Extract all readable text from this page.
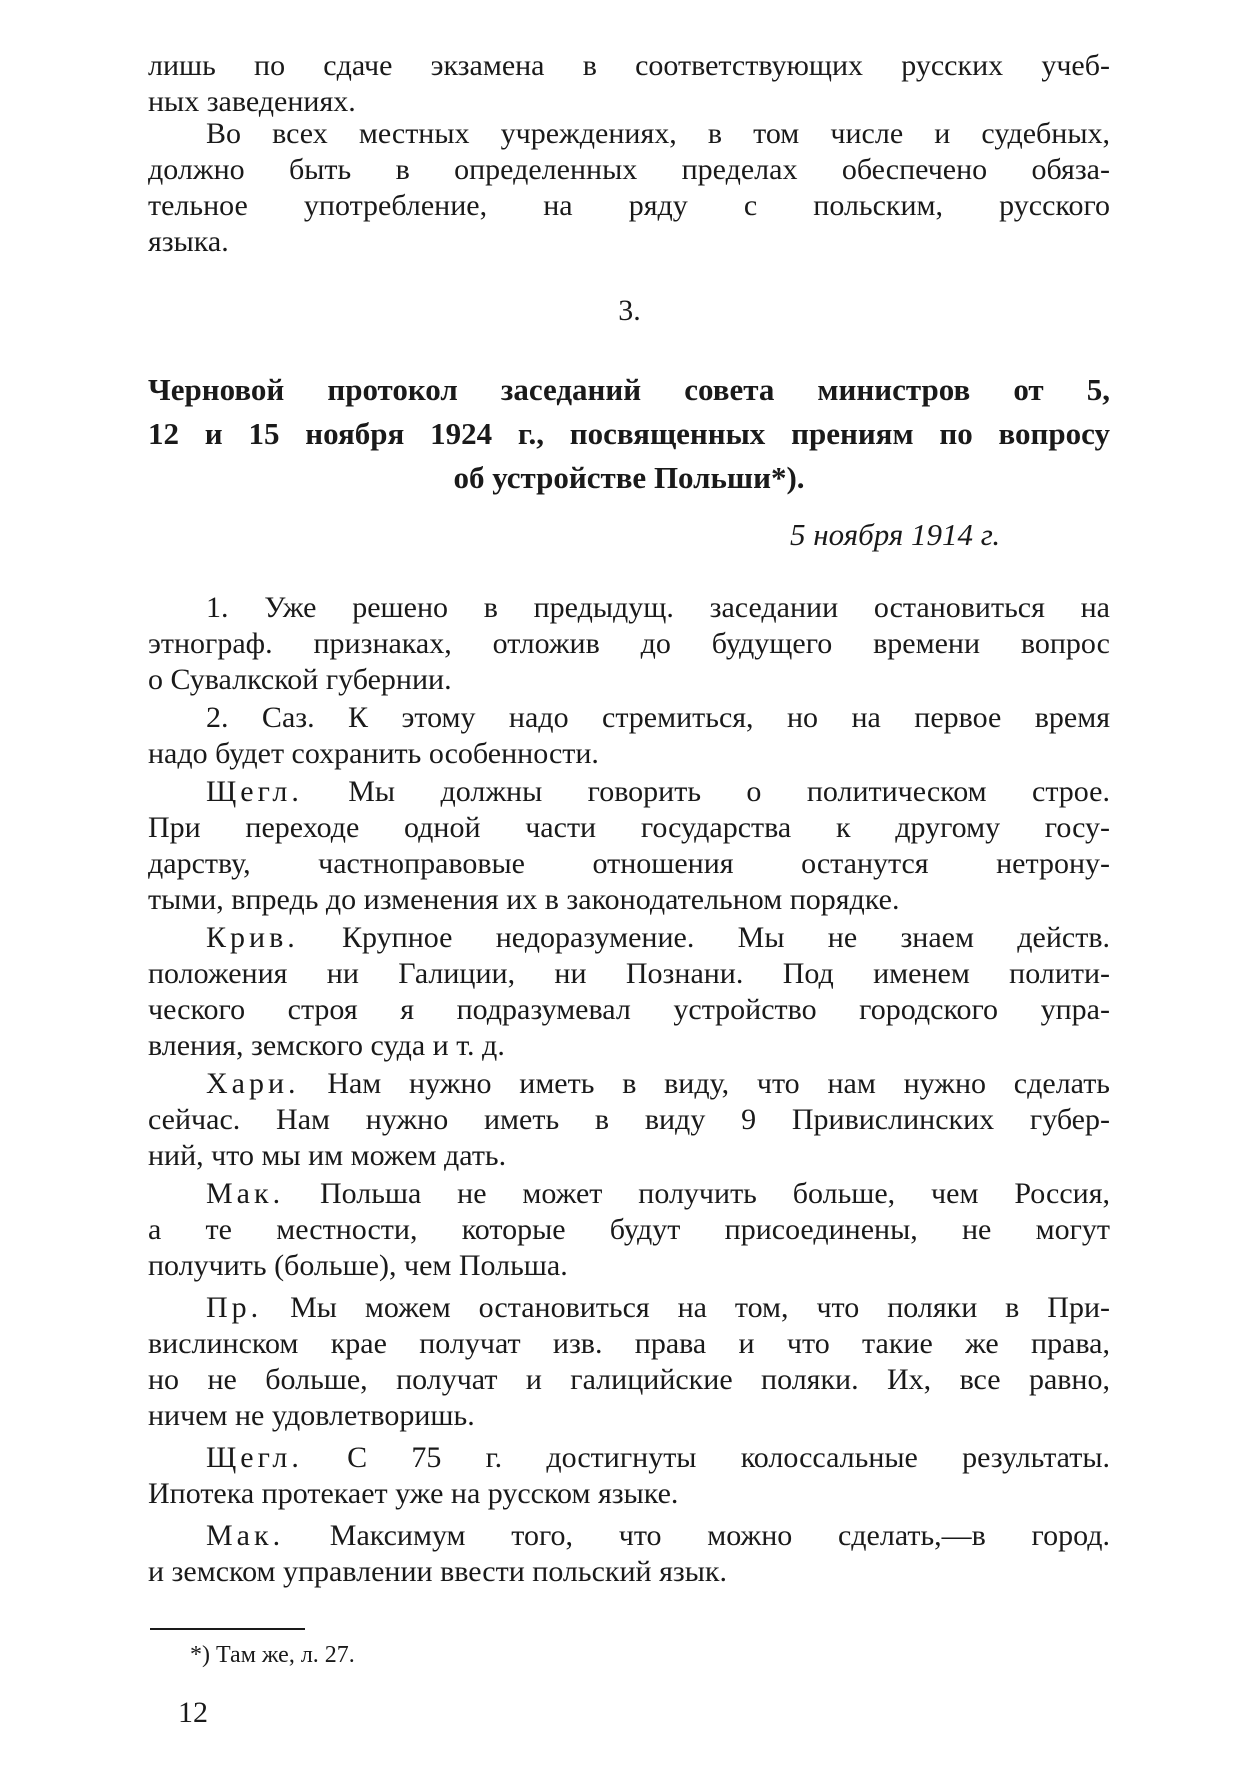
лишь по сдаче экзамена в соответствующих русских учеб-
ных заведениях.
Во всех местных учреждениях, в том числе и судебных,
должно быть в определенных пределах обеспечено обяза-
тельное употребление, на ряду с польским, русского
языка.
3.
Черновой протокол заседаний совета министров от 5,
12 и 15 ноября 1924 г., посвященных прениям по вопросу
об устройстве Польши*).
5 ноября 1914 г.
1. Уже решено в предыдущ. заседании остановиться на
этнограф. признаках, отложив до будущего времени вопрос
о Сувалкской губернии.
2. Саз. К этому надо стремиться, но на первое время
надо будет сохранить особенности.
Щегл. Мы должны говорить о политическом строе.
При переходе одной части государства к другому госу-
дарству, частноправовые отношения останутся нетрону-
тыми, впредь до изменения их в законодательном порядке.
Крив. Крупное недоразумение. Мы не знаем действ.
положения ни Галиции, ни Познани. Под именем полити-
ческого строя я подразумевал устройство городского упра-
вления, земского суда и т. д.
Хари. Нам нужно иметь в виду, что нам нужно сделать
сейчас. Нам нужно иметь в виду 9 Привислинских губер-
ний, что мы им можем дать.
Мак. Польша не может получить больше, чем Россия,
а те местности, которые будут присоединены, не могут
получить (больше), чем Польша.
Пр. Мы можем остановиться на том, что поляки в При-
вислинском крае получат изв. права и что такие же права,
но не больше, получат и галицийские поляки. Их, все равно,
ничем не удовлетворишь.
Щегл. С 75 г. достигнуты колоссальные результаты.
Ипотека протекает уже на русском языке.
Мак. Максимум того, что можно сделать,—в город.
и земском управлении ввести польский язык.
*) Там же, л. 27.
12
